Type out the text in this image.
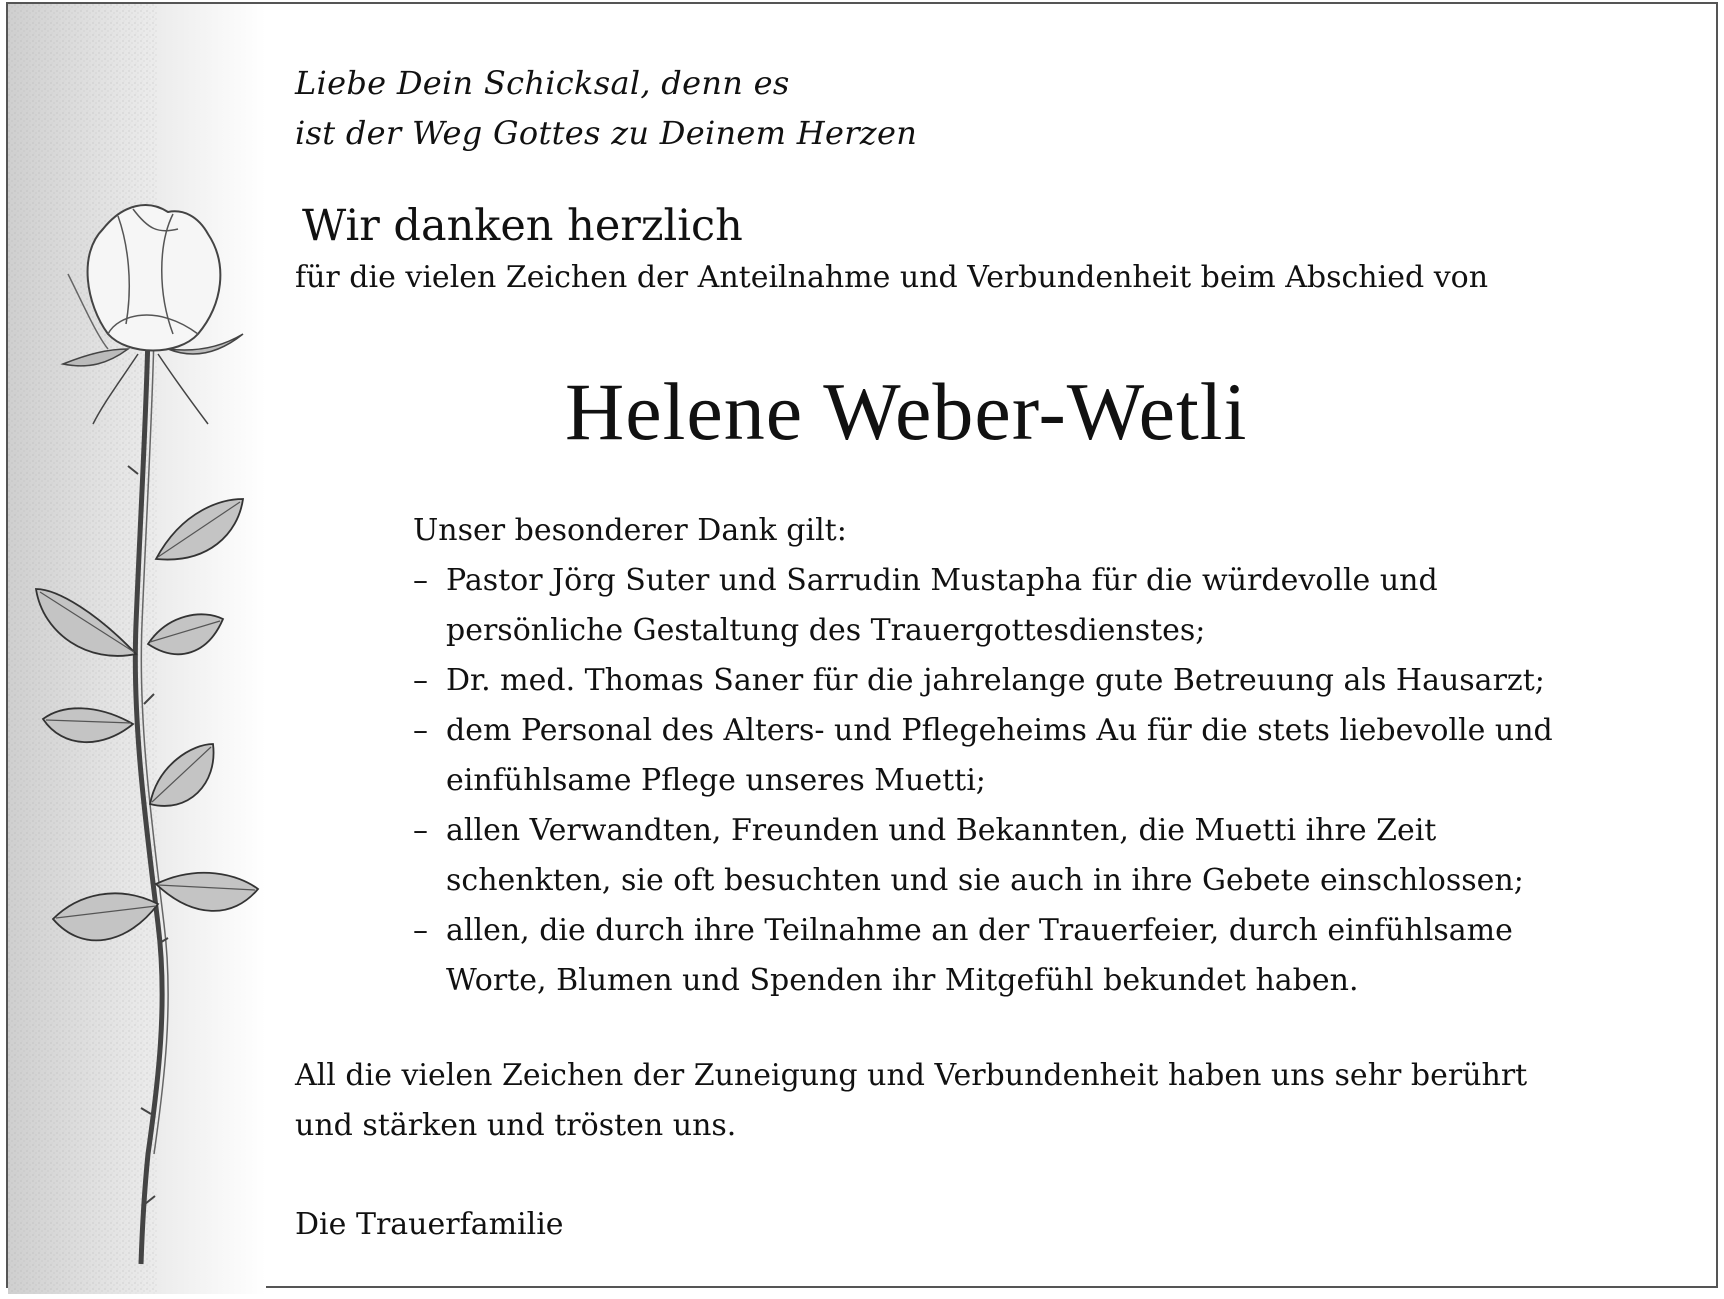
Liebe Dein Schicksal, denn es
ist der Weg Gottes zu Deinem Herzen
Wir danken herzlich
für die vielen Zeichen der Anteilnahme und Verbundenheit beim Abschied von
Helene Weber-Wetli
Unser besonderer Dank gilt:
– Pastor Jörg Suter und Sarrudin Mustapha für die würdevolle und
persönliche Gestaltung des Trauergottesdienstes;
– Dr. med. Thomas Saner für die jahrelange gute Betreuung als Hausarzt;
– dem Personal des Alters- und Pflegeheims Au für die stets liebevolle und
einfühlsame Pflege unseres Muetti;
– allen Verwandten, Freunden und Bekannten, die Muetti ihre Zeit
schenkten, sie oft besuchten und sie auch in ihre Gebete einschlossen;
– allen, die durch ihre Teilnahme an der Trauerfeier, durch einfühlsame
Worte, Blumen und Spenden ihr Mitgefühl bekundet haben.
All die vielen Zeichen der Zuneigung und Verbundenheit haben uns sehr berührt
und stärken und trösten uns.
Die Trauerfamilie
